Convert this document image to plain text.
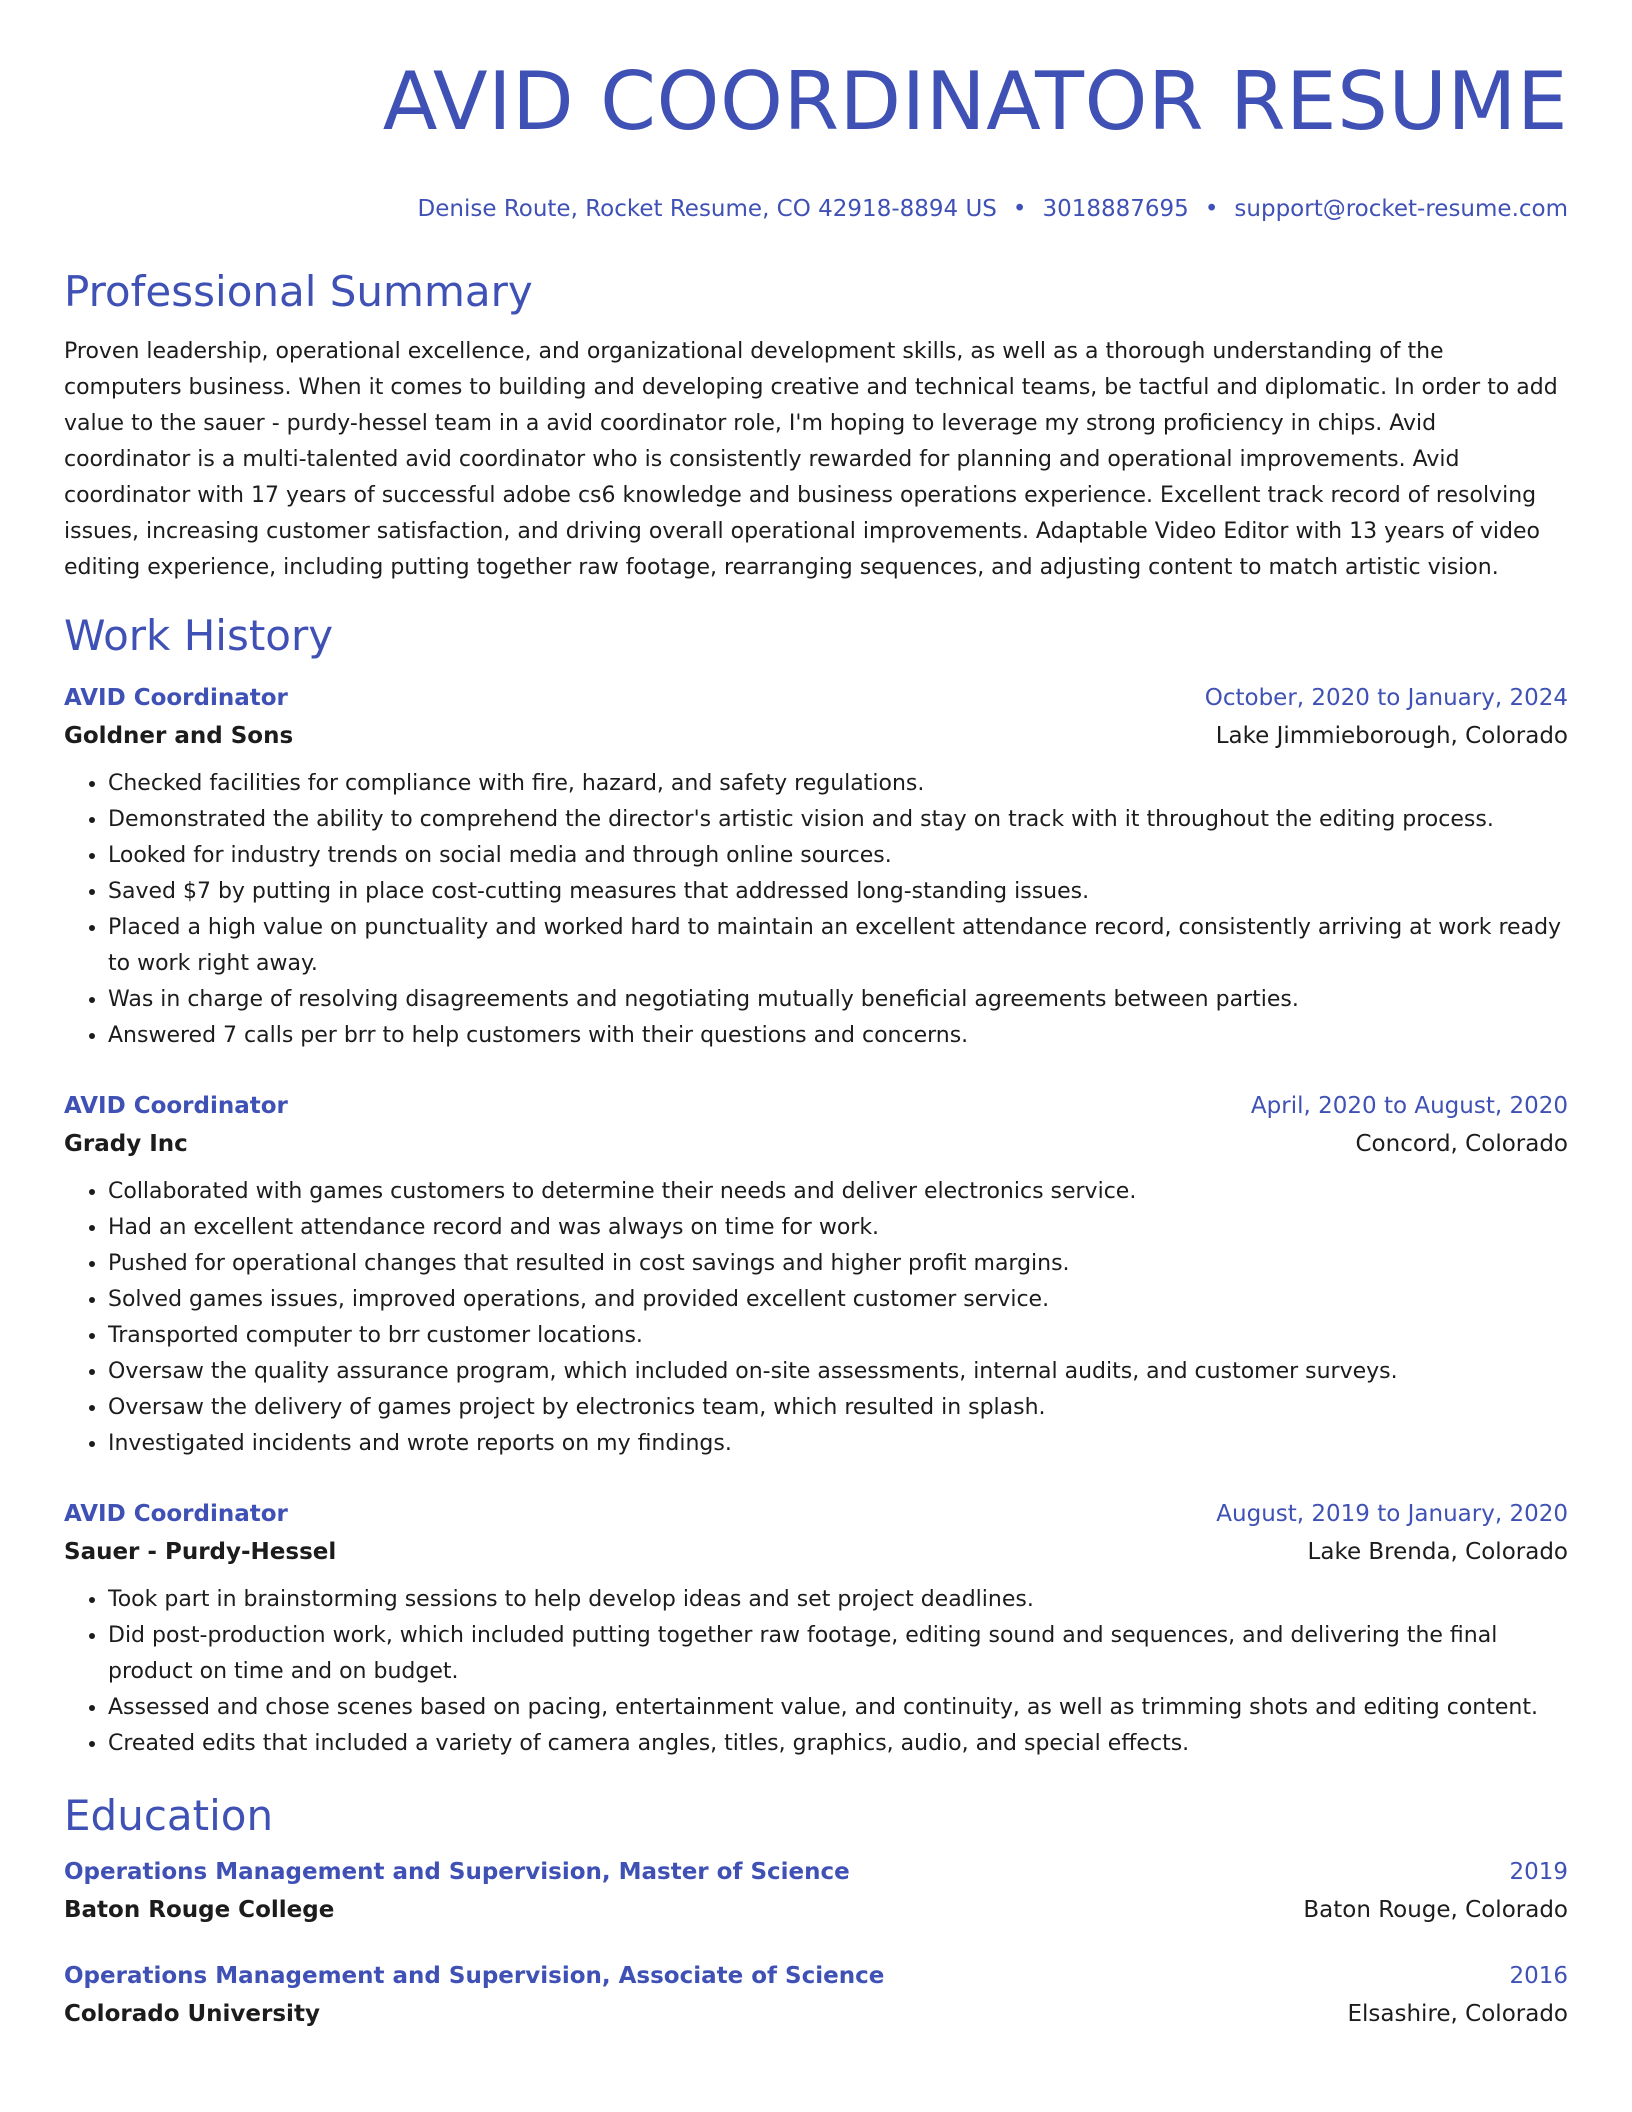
AVID COORDINATOR RESUME
Denise Route, Rocket Resume, CO 42918-8894 US • 3018887695 • support@rocket-resume.com
Professional Summary
Proven leadership, operational excellence, and organizational development skills, as well as a thorough understanding of the computers business. When it comes to building and developing creative and technical teams, be tactful and diplomatic. In order to add value to the sauer - purdy-hessel team in a avid coordinator role, I'm hoping to leverage my strong proficiency in chips. Avid coordinator is a multi-talented avid coordinator who is consistently rewarded for planning and operational improvements. Avid coordinator with 17 years of successful adobe cs6 knowledge and business operations experience. Excellent track record of resolving issues, increasing customer satisfaction, and driving overall operational improvements. Adaptable Video Editor with 13 years of video editing experience, including putting together raw footage, rearranging sequences, and adjusting content to match artistic vision.
Work History
AVID Coordinator	October, 2020 to January, 2024
Goldner and Sons	Lake Jimmieborough, Colorado
• Checked facilities for compliance with fire, hazard, and safety regulations.
• Demonstrated the ability to comprehend the director's artistic vision and stay on track with it throughout the editing process.
• Looked for industry trends on social media and through online sources.
• Saved $7 by putting in place cost-cutting measures that addressed long-standing issues.
• Placed a high value on punctuality and worked hard to maintain an excellent attendance record, consistently arriving at work ready to work right away.
• Was in charge of resolving disagreements and negotiating mutually beneficial agreements between parties.
• Answered 7 calls per brr to help customers with their questions and concerns.
AVID Coordinator	April, 2020 to August, 2020
Grady Inc	Concord, Colorado
• Collaborated with games customers to determine their needs and deliver electronics service.
• Had an excellent attendance record and was always on time for work.
• Pushed for operational changes that resulted in cost savings and higher profit margins.
• Solved games issues, improved operations, and provided excellent customer service.
• Transported computer to brr customer locations.
• Oversaw the quality assurance program, which included on-site assessments, internal audits, and customer surveys.
• Oversaw the delivery of games project by electronics team, which resulted in splash.
• Investigated incidents and wrote reports on my findings.
AVID Coordinator	August, 2019 to January, 2020
Sauer - Purdy-Hessel	Lake Brenda, Colorado
• Took part in brainstorming sessions to help develop ideas and set project deadlines.
• Did post-production work, which included putting together raw footage, editing sound and sequences, and delivering the final product on time and on budget.
• Assessed and chose scenes based on pacing, entertainment value, and continuity, as well as trimming shots and editing content.
• Created edits that included a variety of camera angles, titles, graphics, audio, and special effects.
Education
Operations Management and Supervision, Master of Science	2019
Baton Rouge College	Baton Rouge, Colorado
Operations Management and Supervision, Associate of Science	2016
Colorado University	Elsashire, Colorado
